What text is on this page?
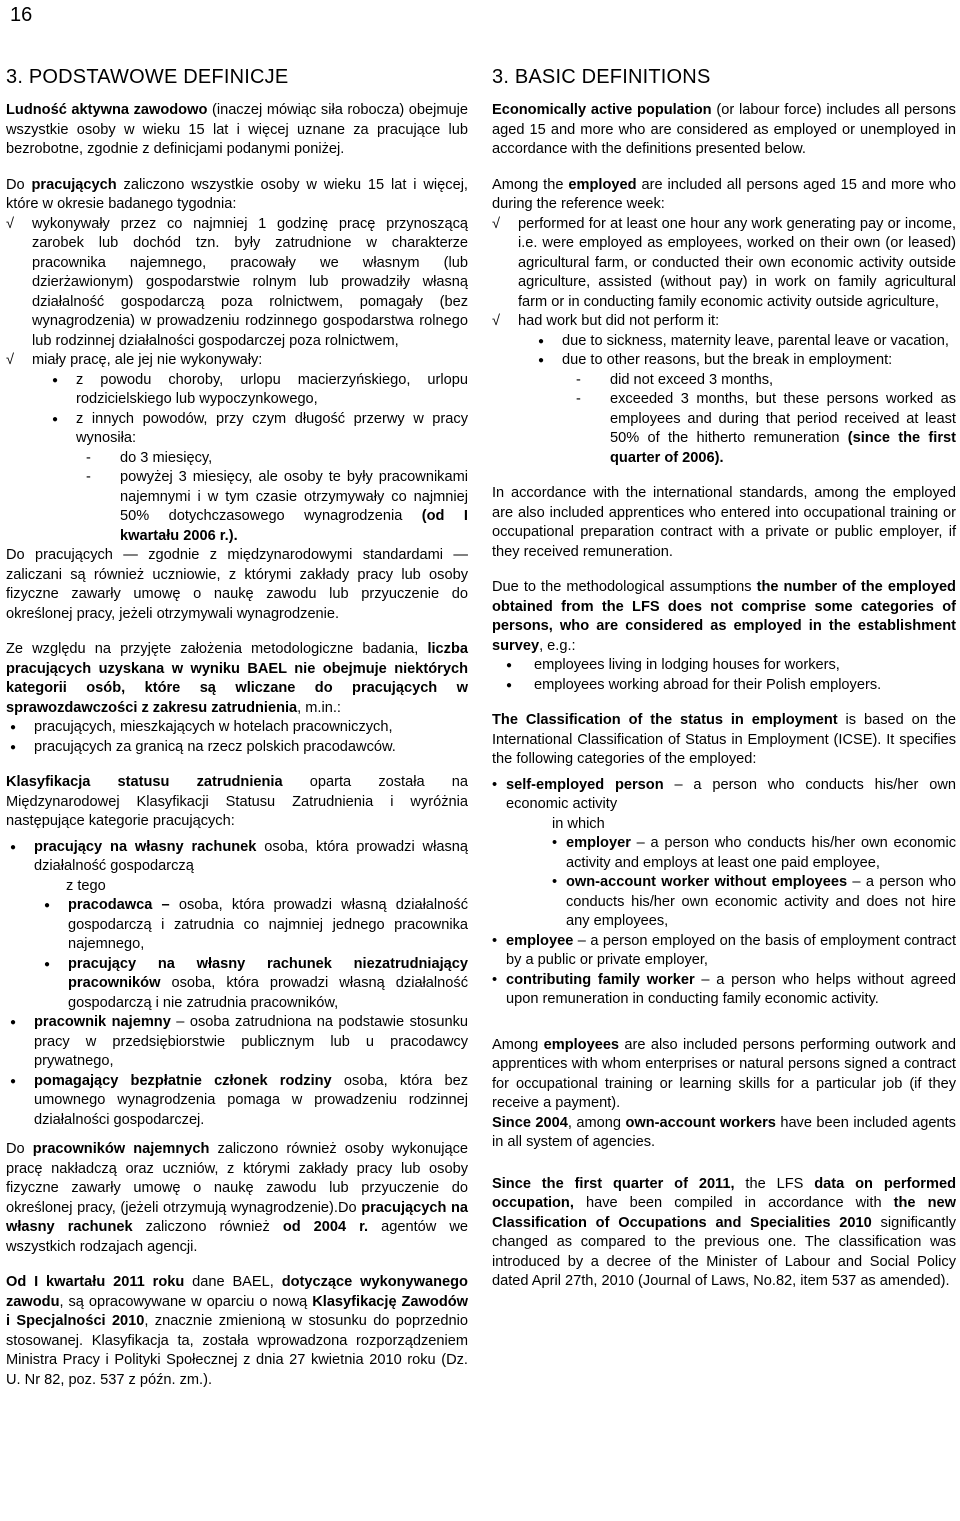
16
3. PODSTAWOWE DEFINICJE

Ludność aktywna zawodowo (inaczej mówiąc siła robocza) obejmuje wszystkie osoby w wieku 15 lat i więcej uznane za pracujące lub bezrobotne, zgodnie z definicjami podanymi poniżej.

Do pracujących zaliczono wszystkie osoby w wieku 15 lat i więcej, które w okresie badanego tygodnia:

√ wykonywały przez co najmniej 1 godzinę pracę przynoszącą zarobek lub dochód tzn. były zatrudnione w charakterze pracownika najemnego, pracowały we własnym (lub dzierżawionym) gospodarstwie rolnym lub prowadziły własną działalność gospodarczą poza rolnictwem, pomagały (bez wynagrodzenia) w prowadzeniu rodzinnego gospodarstwa rolnego lub rodzinnej działalności gospodarczej poza rolnictwem,
√ miały pracę, ale jej nie wykonywały:
● z powodu choroby, urlopu macierzyńskiego, urlopu rodzicielskiego lub wypoczynkowego,
● z innych powodów, przy czym długość przerwy w pracy wynosiła:
- do 3 miesięcy,
- powyżej 3 miesięcy, ale osoby te były pracownikami najemnymi i w tym czasie otrzymywały co najmniej 50% dotychczasowego wynagrodzenia (od I kwartału 2006 r.).

Do pracujących — zgodnie z międzynarodowymi standardami — zaliczani są również uczniowie, z którymi zakłady pracy lub osoby fizyczne zawarły umowę o naukę zawodu lub przyuczenie do określonej pracy, jeżeli otrzymywali wynagrodzenie.

Ze względu na przyjęte założenia metodologiczne badania, liczba pracujących uzyskana w wyniku BAEL nie obejmuje niektórych kategorii osób, które są wliczane do pracujących w sprawozdawczości z zakresu zatrudnienia, m.in.:

● pracujących, mieszkających w hotelach pracowniczych,
● pracujących za granicą na rzecz polskich pracodawców.

Klasyfikacja statusu zatrudnienia oparta została na Międzynarodowej Klasyfikacji Statusu Zatrudnienia i wyróżnia następujące kategorie pracujących:

● pracujący na własny rachunek osoba, która prowadzi własną działalność gospodarczą
z tego
● pracodawca – osoba, która prowadzi własną działalność gospodarczą i zatrudnia co najmniej jednego pracownika najemnego,
● pracujący na własny rachunek niezatrudniający pracowników osoba, która prowadzi własną działalność gospodarczą i nie zatrudnia pracowników,
● pracownik najemny – osoba zatrudniona na podstawie stosunku pracy w przedsiębiorstwie publicznym lub u pracodawcy prywatnego,
● pomagający bezpłatnie członek rodziny osoba, która bez umownego wynagrodzenia pomaga w prowadzeniu rodzinnej działalności gospodarczej.

Do pracowników najemnych zaliczono również osoby wykonujące pracę nakładczą oraz uczniów, z którymi zakłady pracy lub osoby fizyczne zawarły umowę o naukę zawodu lub przyuczenie do określonej pracy, (jeżeli otrzymują wynagrodzenie).Do pracujących na własny rachunek zaliczono również od 2004 r. agentów we wszystkich rodzajach agencji.

Od I kwartału 2011 roku dane BAEL, dotyczące wykonywanego zawodu, są opracowywane w oparciu o nową Klasyfikację Zawodów i Specjalności 2010, znacznie zmienioną w stosunku do poprzednio stosowanej. Klasyfikacja ta, została wprowadzona rozporządzeniem Ministra Pracy i Polityki Społecznej z dnia 27 kwietnia 2010 roku (Dz. U. Nr 82, poz. 537 z późn. zm.).

3. BASIC DEFINITIONS

Economically active population (or labour force) includes all persons aged 15 and more who are considered as employed or unemployed in accordance with the definitions presented below.

Among the employed are included all persons aged 15 and more who during the reference week:

√ performed for at least one hour any work generating pay or income, i.e. were employed as employees, worked on their own (or leased) agricultural farm, or conducted their own economic activity outside agriculture, assisted (without pay) in work on family agricultural farm or in conducting family economic activity outside agriculture,
√ had work but did not perform it:
● due to sickness, maternity leave, parental leave or vacation,
● due to other reasons, but the break in employment:
- did not exceed 3 months,
- exceeded 3 months, but these persons worked as employees and during that period received at least 50% of the hitherto remuneration (since the first quarter of 2006).

In accordance with the international standards, among the employed are also included apprentices who entered into occupational training or occupational preparation contract with a private or public employer, if they received remuneration.

Due to the methodological assumptions the number of the employed obtained from the LFS does not comprise some categories of persons, who are considered as employed in the establishment survey, e.g.:

● employees living in lodging houses for workers,
● employees working abroad for their Polish employers.

The Classification of the status in employment is based on the International Classification of Status in Employment (ICSE). It specifies the following categories of the employed:

• self-employed person – a person who conducts his/her own economic activity
in which
• employer – a person who conducts his/her own economic activity and employs at least one paid employee,
• own-account worker without employees – a person who conducts his/her own economic activity and does not hire any employees,
• employee – a person employed on the basis of employment contract by a public or private employer,
• contributing family worker – a person who helps without agreed upon remuneration in conducting family economic activity.

Among employees are also included persons performing outwork and apprentices with whom enterprises or natural persons signed a contract for occupational training or learning skills for a particular job (if they receive a payment).

Since 2004, among own-account workers have been included agents in all system of agencies.

Since the first quarter of 2011, the LFS data on performed occupation, have been compiled in accordance with the new Classification of Occupations and Specialities 2010 significantly changed as compared to the previous one. The classification was introduced by a decree of the Minister of Labour and Social Policy dated April 27th, 2010 (Journal of Laws, No.82, item 537 as amended).
